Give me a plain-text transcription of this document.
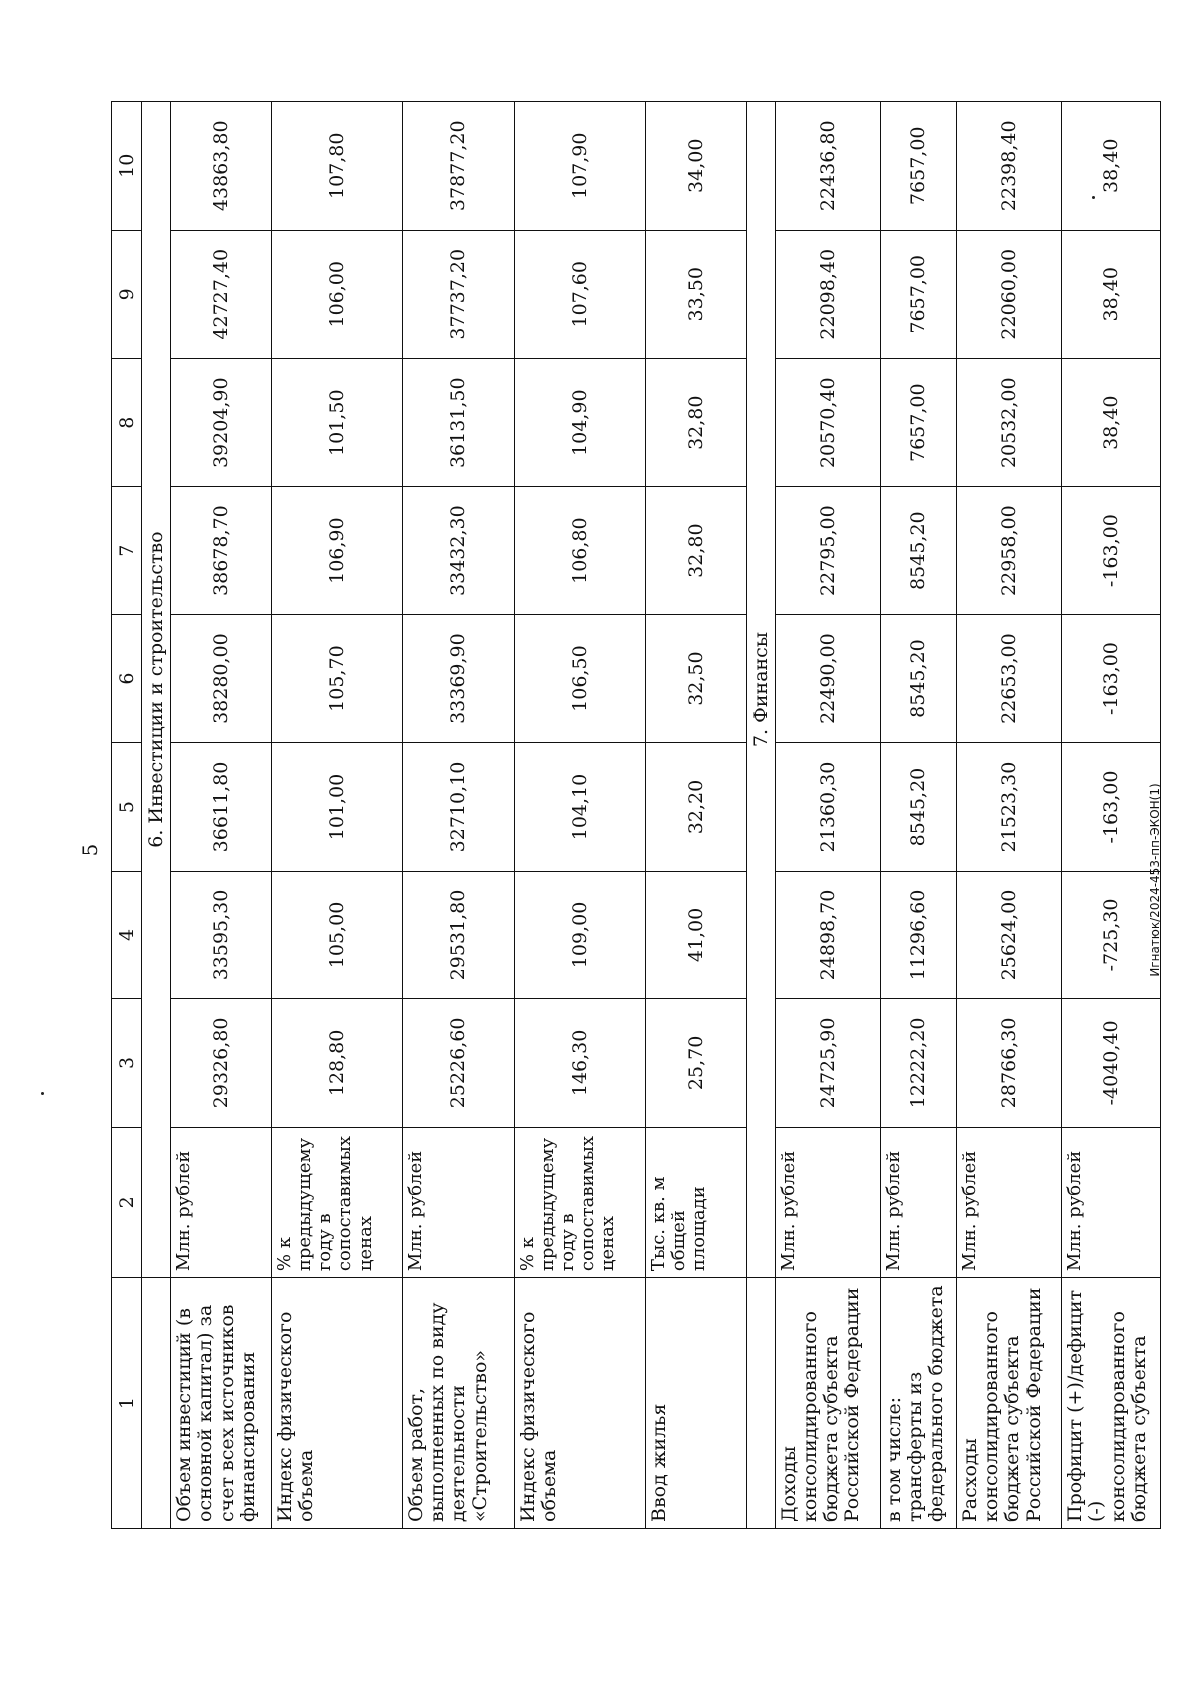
5
1	2	3	4	5	6	7	8	9	10
	6. Инвестиции и строительство								
Объем инвестиций (в основной капитал) за счет всех источников финансирования	Млн. рублей	29326,80	33595,30	36611,80	38280,00	38678,70	39204,90	42727,40	43863,80
Индекс физического объема	% к предыдущему году в сопоставимых ценах	128,80	105,00	101,00	105,70	106,90	101,50	106,00	107,80
Объем работ, выполненных по виду деятельности «Строительство»	Млн. рублей	25226,60	29531,80	32710,10	33369,90	33432,30	36131,50	37737,20	37877,20
Индекс физического объема	% к предыдущему году в сопоставимых ценах	146,30	109,00	104,10	106,50	106,80	104,90	107,60	107,90
Ввод жилья	Тыс. кв. м общей площади	25,70	41,00	32,20	32,50	32,80	32,80	33,50	34,00
	7. Финансы								
Доходы консолидированного бюджета субъекта Российской Федерации	Млн. рублей	24725,90	24898,70	21360,30	22490,00	22795,00	20570,40	22098,40	22436,80
в том числе: трансферты из федерального бюджета	Млн. рублей	12222,20	11296,60	8545,20	8545,20	8545,20	7657,00	7657,00	7657,00
Расходы консолидированного бюджета субъекта Российской Федерации	Млн. рублей	28766,30	25624,00	21523,30	22653,00	22958,00	20532,00	22060,00	22398,40
Профицит (+)/дефицит (-) консолидированного бюджета субъекта	Млн. рублей	-4040,40	-725,30	-163,00	-163,00	-163,00	38,40	38,40	38,40
Игнатюк/2024-453-пп-ЭКОН(1)
